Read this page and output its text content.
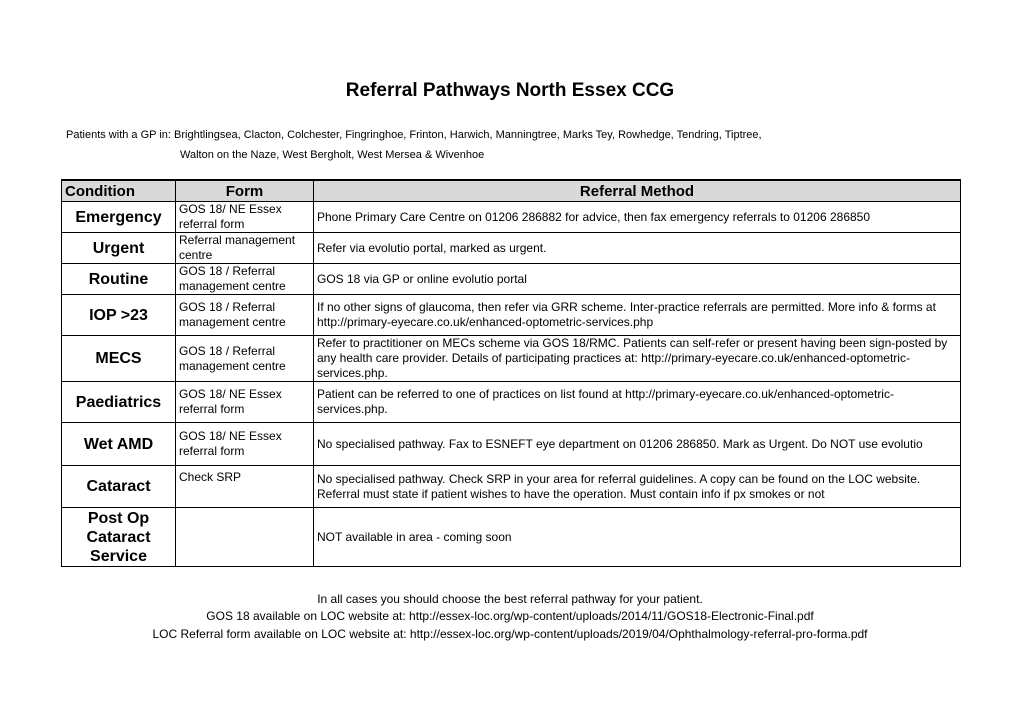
Referral Pathways North Essex CCG
Patients with a GP in: Brightlingsea, Clacton, Colchester, Fingringhoe, Frinton, Harwich, Manningtree, Marks Tey, Rowhedge, Tendring, Tiptree,
Walton on the Naze, West Bergholt, West Mersea & Wivenhoe
Condition	Form	Referral Method
Emergency	GOS 18/ NE Essex referral form	Phone Primary Care Centre on 01206 286882 for advice, then fax emergency referrals to 01206 286850
Urgent	Referral management centre	Refer via evolutio portal, marked as urgent.
Routine	GOS 18 / Referral management centre	GOS 18 via GP or online evolutio portal
IOP >23	GOS 18 / Referral management centre	If no other signs of glaucoma, then refer via GRR scheme. Inter-practice referrals are permitted. More info & forms at http://primary-eyecare.co.uk/enhanced-optometric-services.php
MECS	GOS 18 / Referral management centre	Refer to practitioner on MECs scheme via GOS 18/RMC. Patients can self-refer or present having been sign-posted by any health care provider. Details of participating practices at: http://primary-eyecare.co.uk/enhanced-optometric-services.php.
Paediatrics	GOS 18/ NE Essex referral form	Patient can be referred to one of practices on list found at http://primary-eyecare.co.uk/enhanced-optometric-services.php.
Wet AMD	GOS 18/ NE Essex referral form	No specialised pathway. Fax to ESNEFT eye department on 01206 286850. Mark as Urgent. Do NOT use evolutio
Cataract	Check SRP	No specialised pathway. Check SRP in your area for referral guidelines. A copy can be found on the LOC website. Referral must state if patient wishes to have the operation. Must contain info if px smokes or not
Post Op Cataract Service		NOT available in area - coming soon
In all cases you should choose the best referral pathway for your patient.
GOS 18 available on LOC website at: http://essex-loc.org/wp-content/uploads/2014/11/GOS18-Electronic-Final.pdf
LOC Referral form available on LOC website at: http://essex-loc.org/wp-content/uploads/2019/04/Ophthalmology-referral-pro-forma.pdf
